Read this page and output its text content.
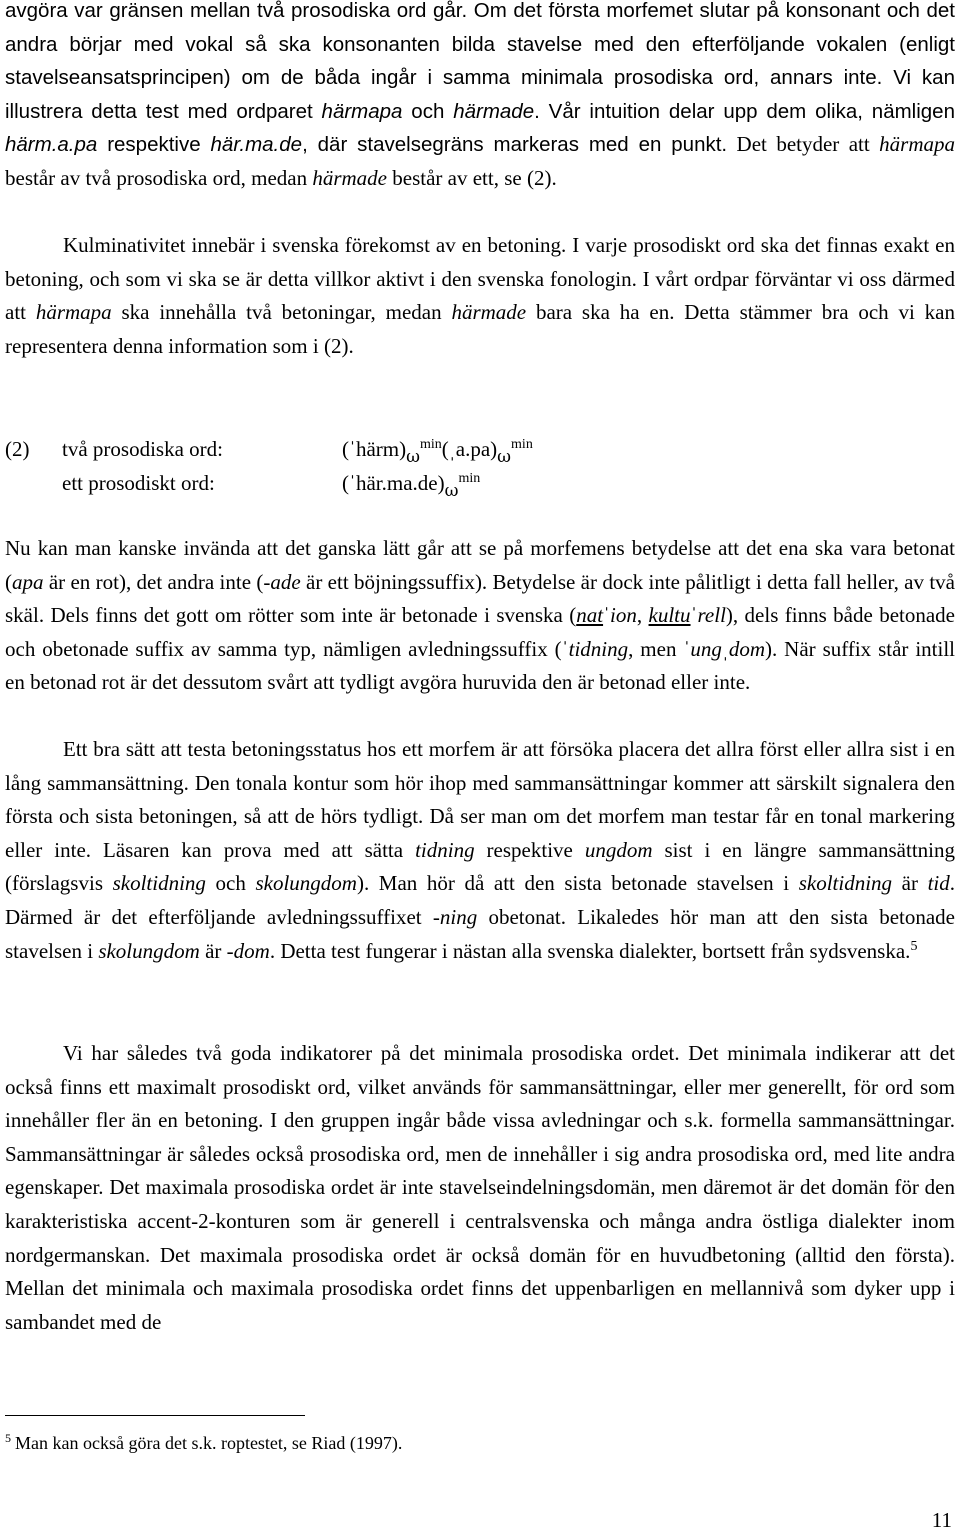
avgöra var gränsen mellan två prosodiska ord går. Om det första morfemet slutar på konsonant och det andra börjar med vokal så ska konsonanten bilda stavelse med den efterföljande vokalen (enligt stavelseansatsprincipen) om de båda ingår i samma minimala prosodiska ord, annars inte. Vi kan illustrera detta test med ordparet härmapa och härmade. Vår intuition delar upp dem olika, nämligen härm.a.pa respektive här.ma.de, där stavelsegräns markeras med en punkt. Det betyder att härmapa består av två prosodiska ord, medan härmade består av ett, se (2).

Kulminativitet innebär i svenska förekomst av en betoning. I varje prosodiskt ord ska det finnas exakt en betoning, och som vi ska se är detta villkor aktivt i den svenska fonologin. I vårt ordpar förväntar vi oss därmed att härmapa ska innehålla två betoningar, medan härmade bara ska ha en. Detta stämmer bra och vi kan representera denna information som i (2).

(2) två prosodiska ord:	$(ˈhärm)_\omega^{min}(ˌa.pa)_\omega^{min}$
ett prosodiskt ord:	$(ˈhär.ma.de)_\omega^{min}$

Nu kan man kanske invända att det ganska lätt går att se på morfemens betydelse att det ena ska vara betonat (apa är en rot), det andra inte (-ade är ett böjningssuffix). Betydelse är dock inte pålitligt i detta fall heller, av två skäl. Dels finns det gott om rötter som inte är betonade i svenska (natˈion, kultuˈrell), dels finns både betonade och obetonade suffix av samma typ, nämligen avledningssuffix (ˈtidning, men ˈungˌdom). När suffix står intill en betonad rot är det dessutom svårt att tydligt avgöra huruvida den är betonad eller inte.

Ett bra sätt att testa betoningsstatus hos ett morfem är att försöka placera det allra först eller allra sist i en lång sammansättning. Den tonala kontur som hör ihop med sammansättningar kommer att särskilt signalera den första och sista betoningen, så att de hörs tydligt. Då ser man om det morfem man testar får en tonal markering eller inte. Läsaren kan prova med att sätta tidning respektive ungdom sist i en längre sammansättning (förslagsvis skoltidning och skolungdom). Man hör då att den sista betonade stavelsen i skoltidning är tid. Därmed är det efterföljande avledningssuffixet -ning obetonat. Likaledes hör man att den sista betonade stavelsen i skolungdom är -dom. Detta test fungerar i nästan alla svenska dialekter, bortsett från sydsvenska.$^5$

Vi har således två goda indikatorer på det minimala prosodiska ordet. Det minimala indikerar att det också finns ett maximalt prosodiskt ord, vilket används för sammansättningar, eller mer generellt, för ord som innehåller fler än en betoning. I den gruppen ingår både vissa avledningar och s.k. formella sammansättningar. Sammansättningar är således också prosodiska ord, men de innehåller i sig andra prosodiska ord, med lite andra egenskaper. Det maximala prosodiska ordet är inte stavelseindelningsdomän, men däremot är det domän för den karakteristiska accent-2-konturen som är generell i centralsvenska och många andra östliga dialekter inom nordgermanskan. Det maximala prosodiska ordet är också domän för en huvudbetoning (alltid den första). Mellan det minimala och maximala prosodiska ordet finns det uppenbarligen en mellannivå som dyker upp i sambandet med de

$^5$ Man kan också göra det s.k. roptestet, se Riad (1997).
11
